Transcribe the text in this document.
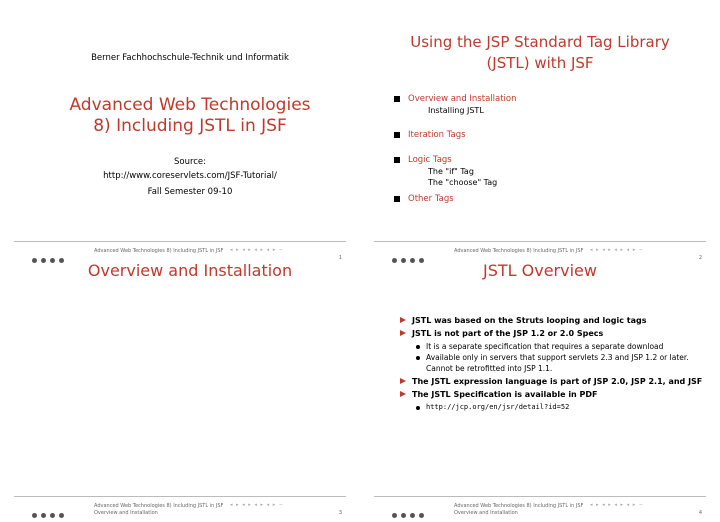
Berner Fachhochschule-Technik und Informatik
Advanced Web Technologies
8) Including JSTL in JSF
Source:
http://www.coreservlets.com/JSF-Tutorial/
Fall Semester 09-10
Advanced Web Technologies 8) Including JSTL in JSF ◂ ▸ ◂ ▸ ◂ ▸ ◂ ▸ ∽
1
Using the JSP Standard Tag Library
(JSTL) with JSF
Overview and Installation
Installing JSTL
Iteration Tags
Logic Tags
The "if" Tag
The "choose" Tag
Other Tags
Advanced Web Technologies 8) Including JSTL in JSF ◂ ▸ ◂ ▸ ◂ ▸ ◂ ▸ ∽
2
Overview and Installation
Advanced Web Technologies 8) Including JSTL in JSF
Overview and Installation
◂ ▸ ◂ ▸ ◂ ▸ ◂ ▸ ∽
3
JSTL Overview
JSTL was based on the Struts looping and logic tags
JSTL is not part of the JSP 1.2 or 2.0 Specs
It is a separate specification that requires a separate download
Available only in servers that support servlets 2.3 and JSP 1.2 or later. Cannot be retrofitted into JSP 1.1.
The JSTL expression language is part of JSP 2.0, JSP 2.1, and JSF
The JSTL Specification is available in PDF
http://jcp.org/en/jsr/detail?id=52
Advanced Web Technologies 8) Including JSTL in JSF
Overview and Installation
◂ ▸ ◂ ▸ ◂ ▸ ◂ ▸ ∽
4
